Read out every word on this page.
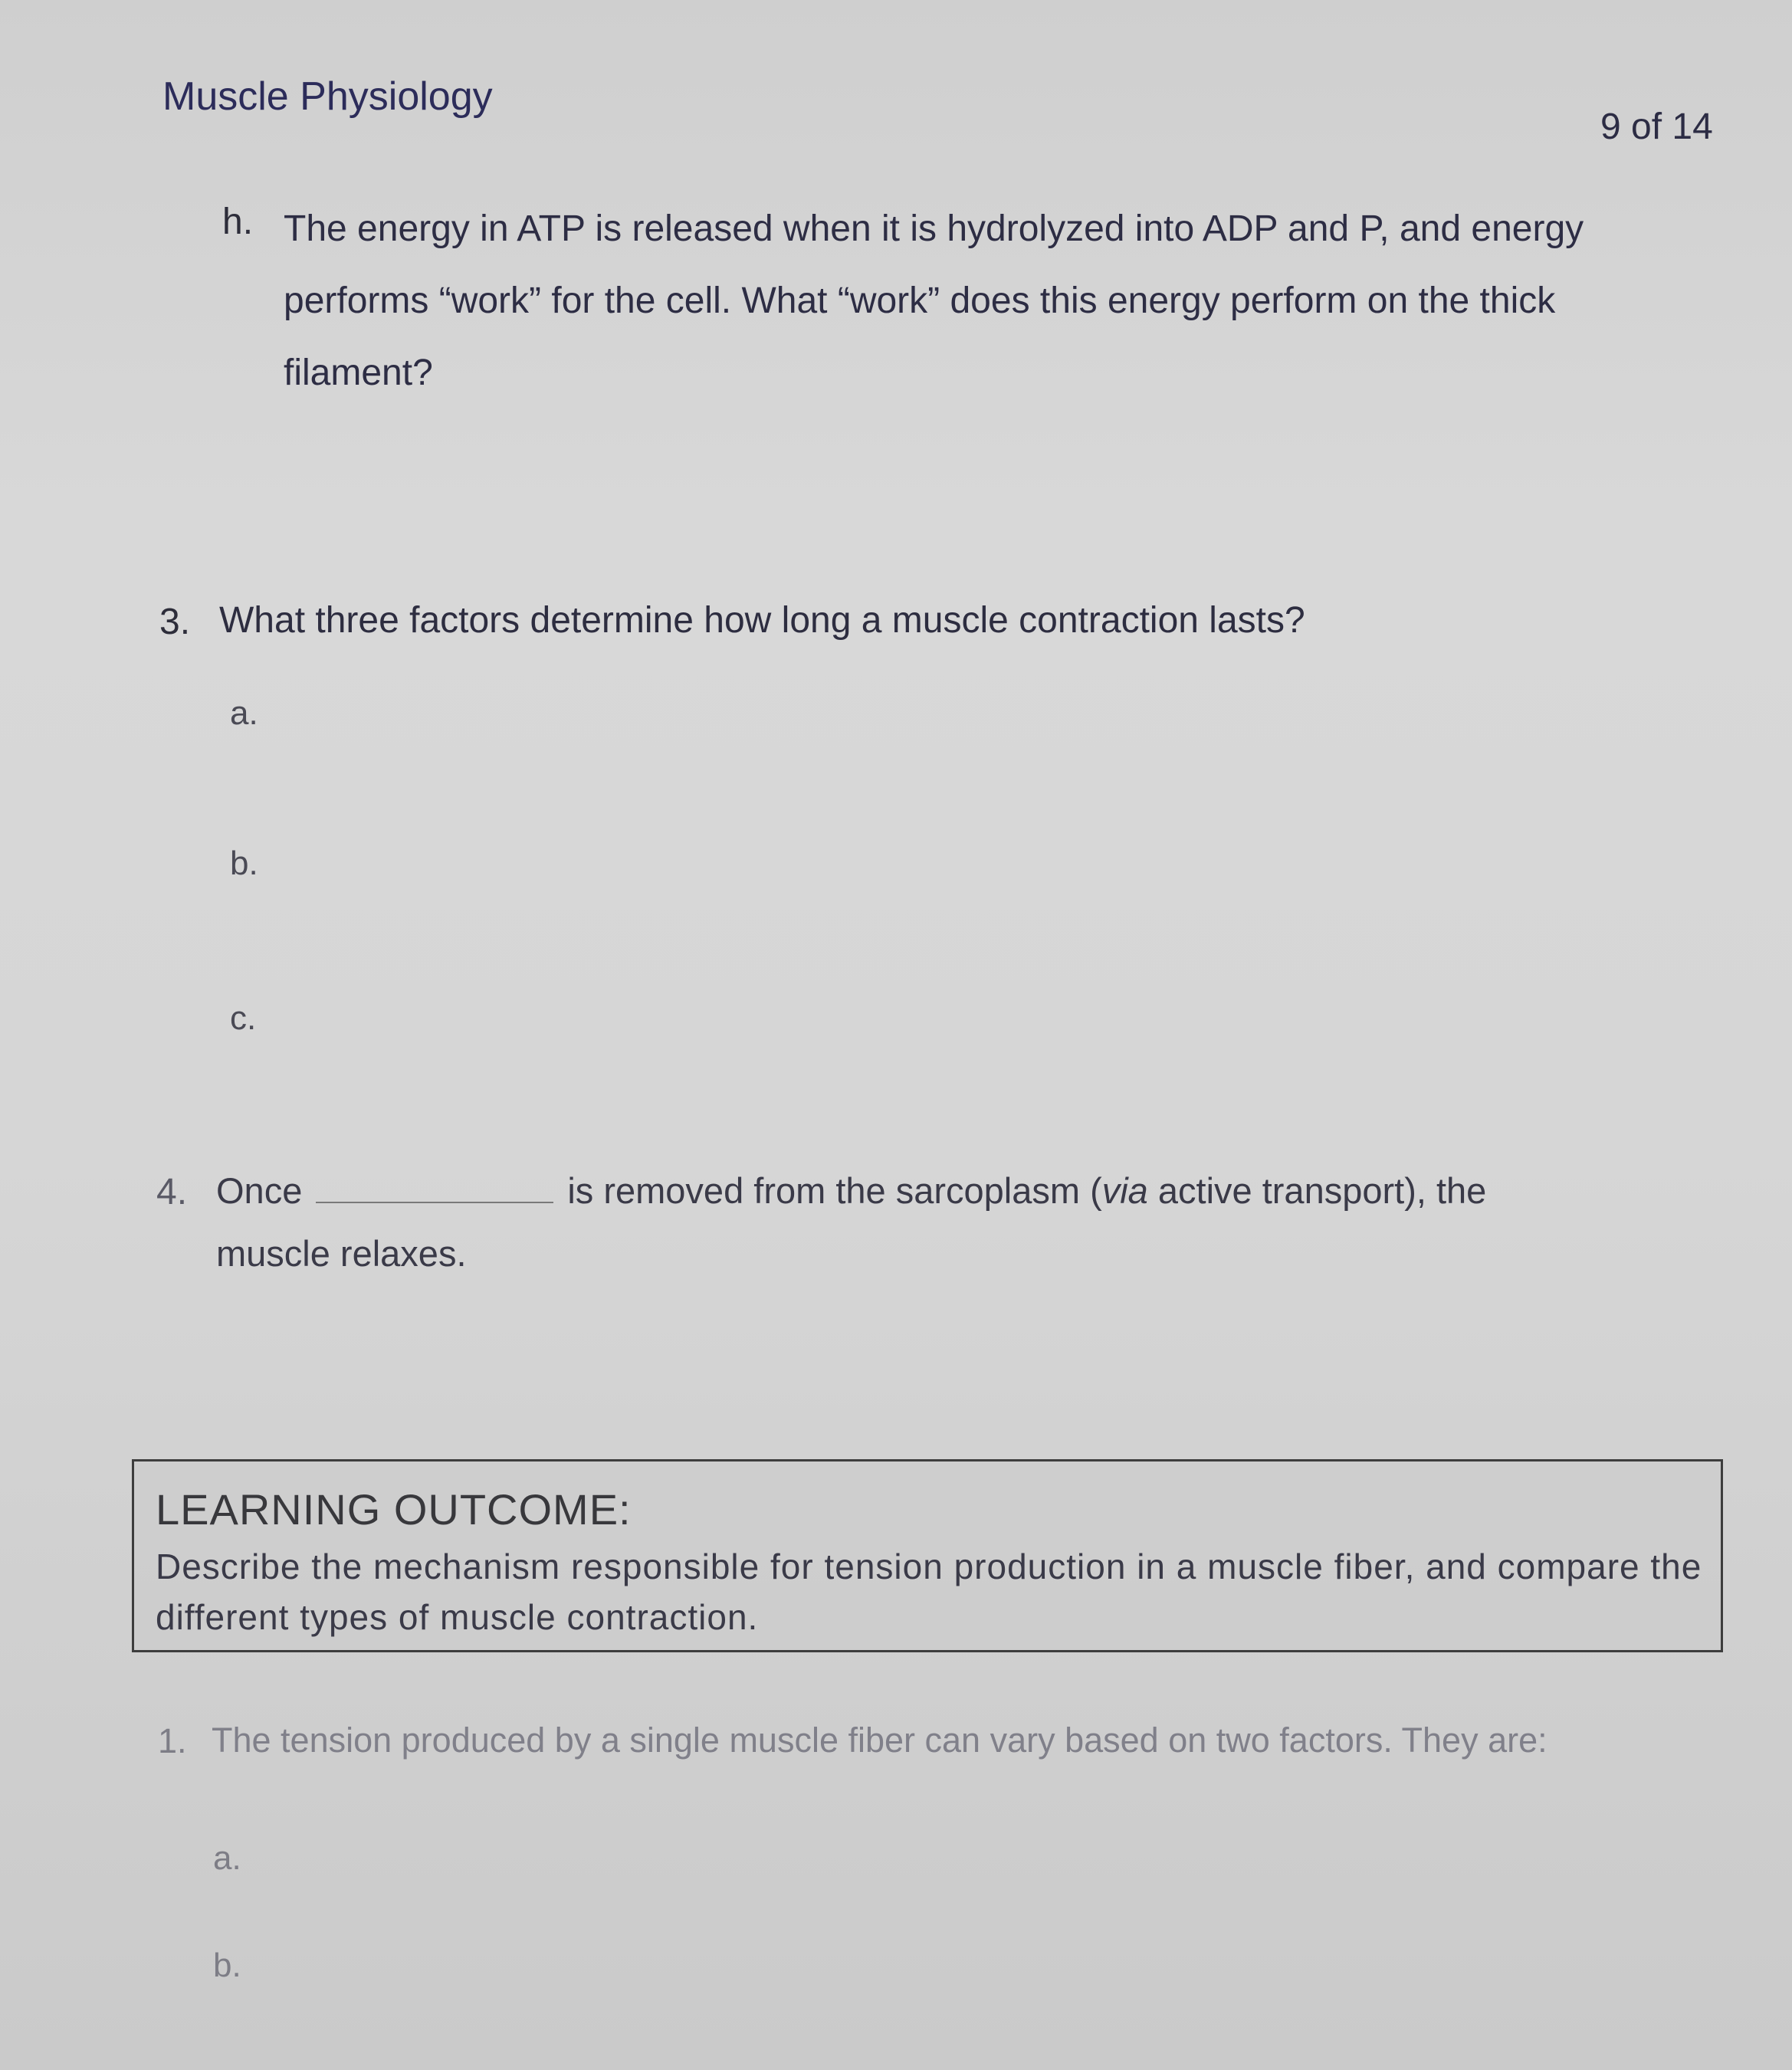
Muscle Physiology
9 of 14
h. The energy in ATP is released when it is hydrolyzed into ADP and P, and energy performs “work” for the cell. What “work” does this energy perform on the thick filament?
3. What three factors determine how long a muscle contraction lasts?
a.
b.
c.
4. Once	is removed from the sarcoplasm (via active transport), the
muscle relaxes.
LEARNING OUTCOME:
Describe the mechanism responsible for tension production in a muscle fiber, and compare the different types of muscle contraction.
1. The tension produced by a single muscle fiber can vary based on two factors. They are:
a.
b.
